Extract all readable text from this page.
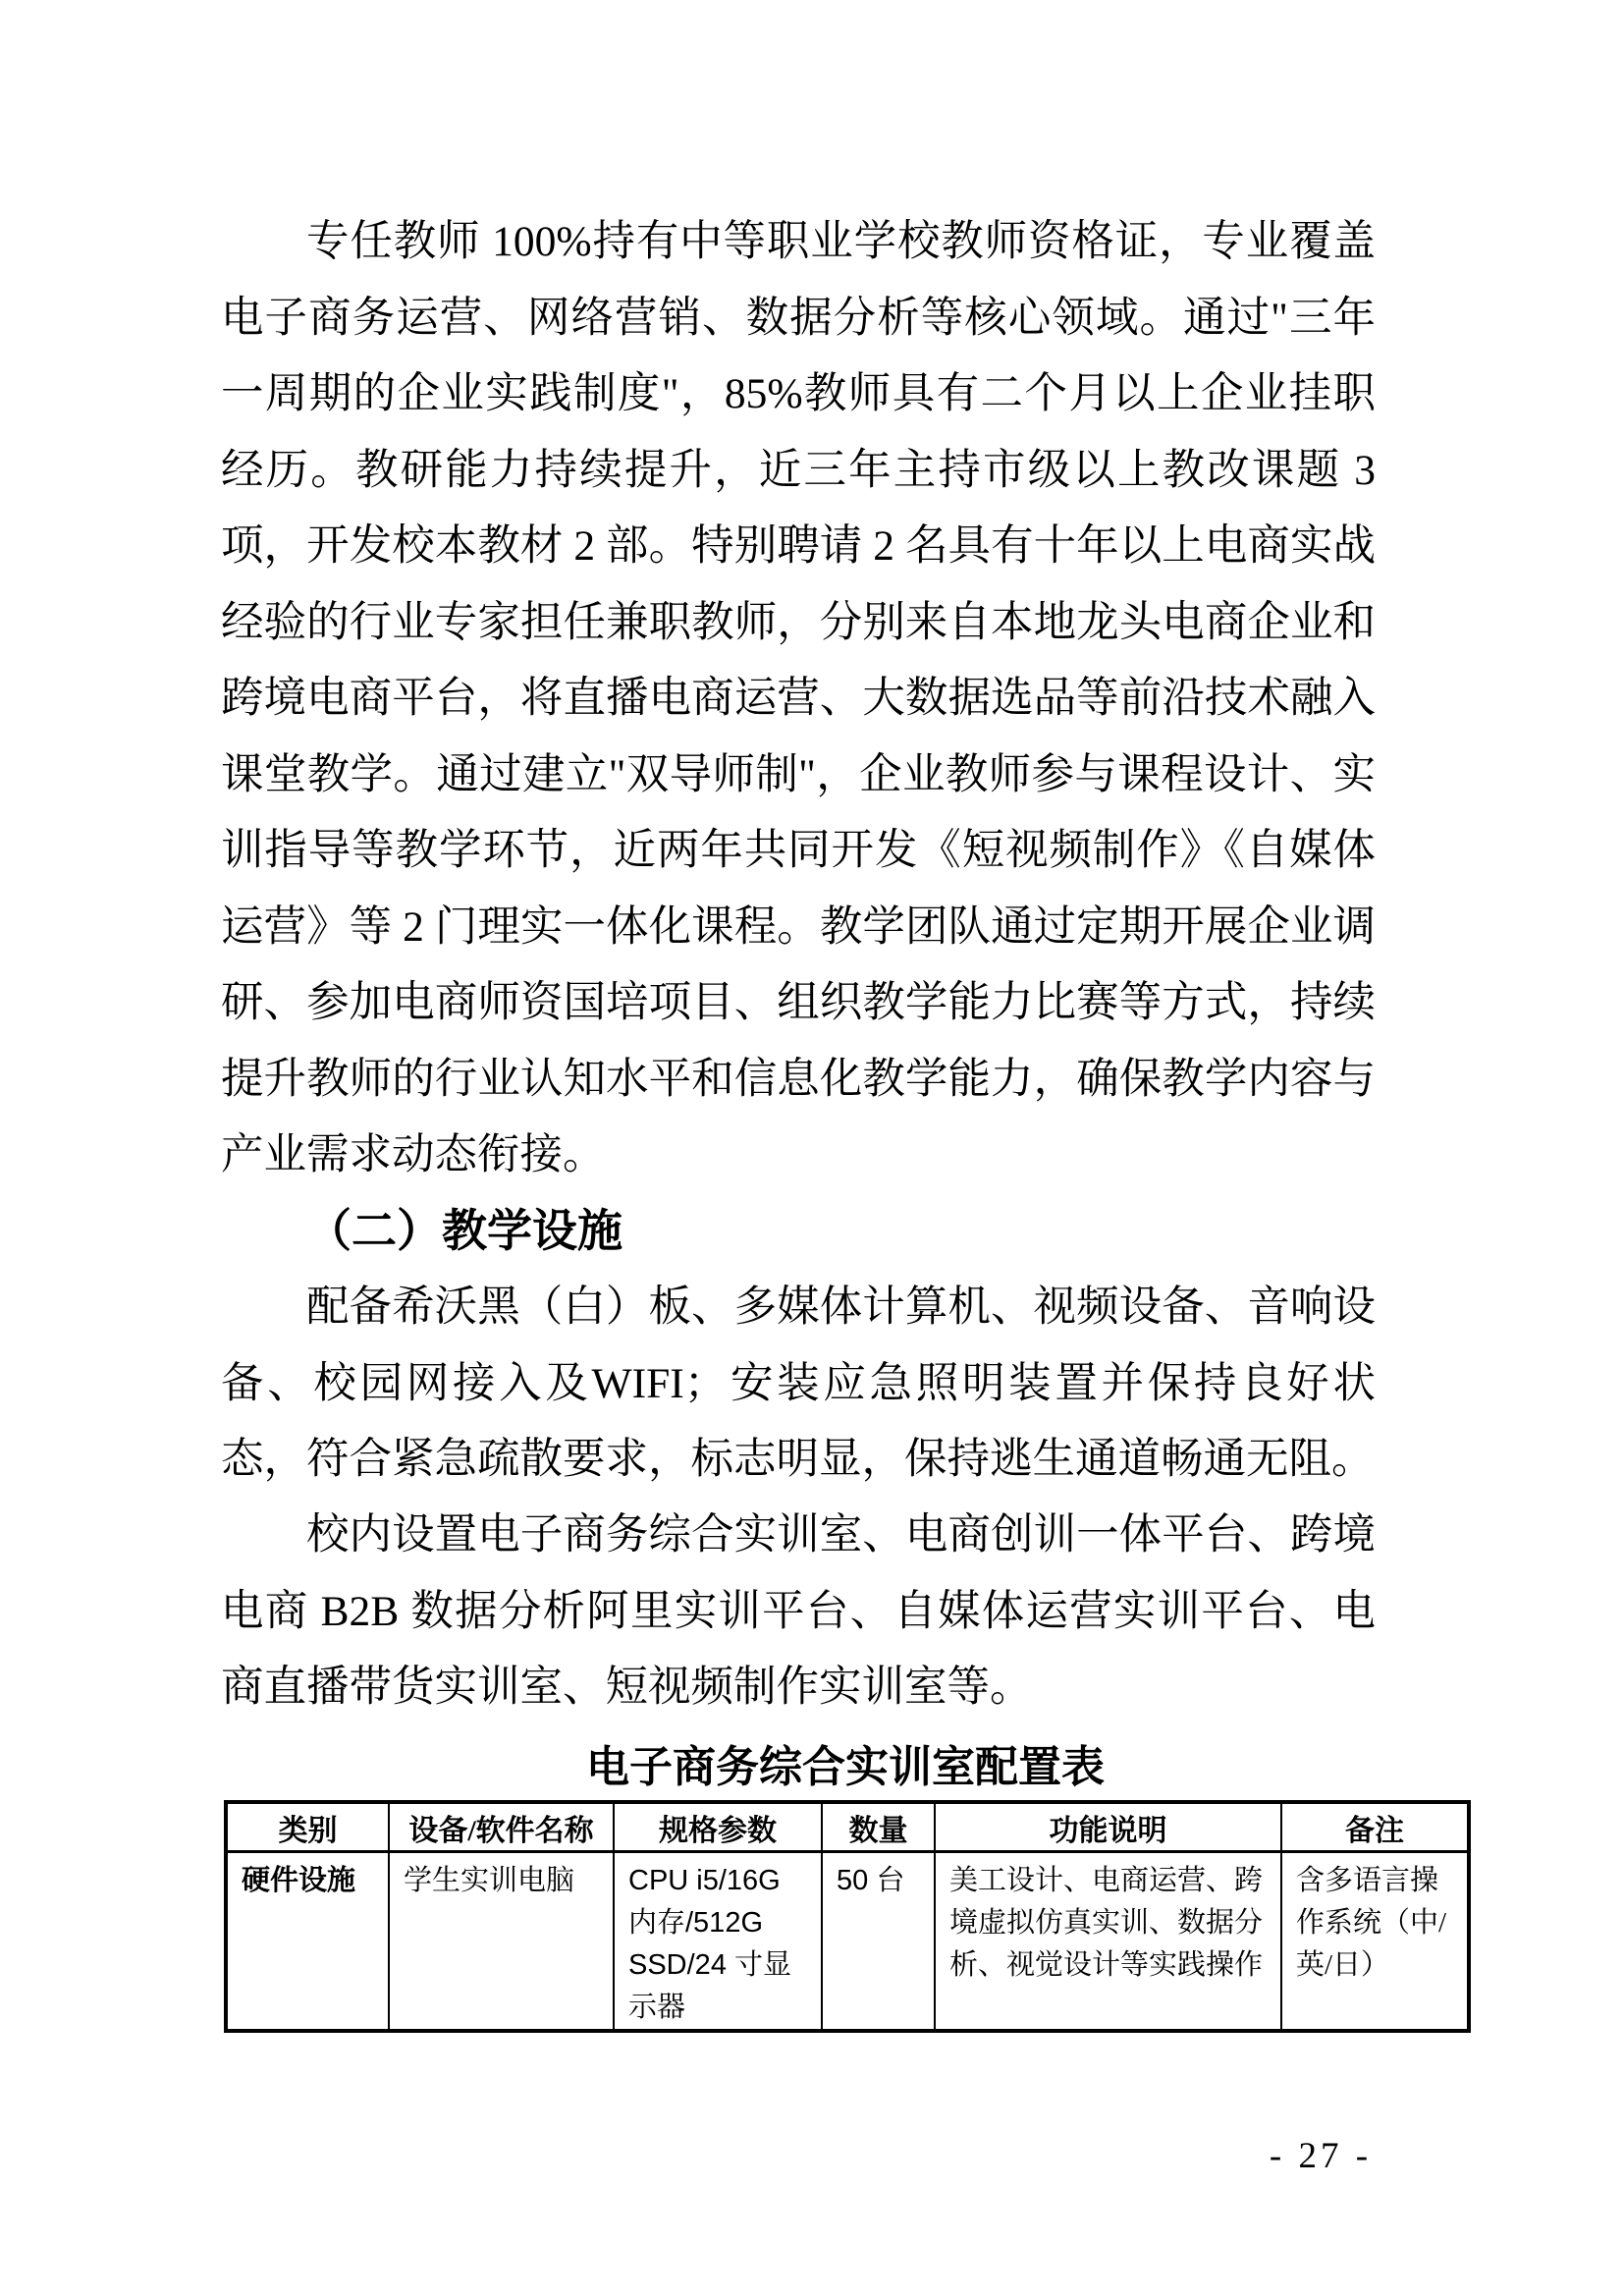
专任教师 100%持有中等职业学校教师资格证，专业覆盖电子商务运营、网络营销、数据分析等核心领域。通过"三年一周期的企业实践制度"，85%教师具有二个月以上企业挂职经历。教研能力持续提升，近三年主持市级以上教改课题 3 项，开发校本教材 2 部。特别聘请 2 名具有十年以上电商实战经验的行业专家担任兼职教师，分别来自本地龙头电商企业和跨境电商平台，将直播电商运营、大数据选品等前沿技术融入课堂教学。通过建立"双导师制"，企业教师参与课程设计、实训指导等教学环节，近两年共同开发《短视频制作》《自媒体运营》等 2 门理实一体化课程。教学团队通过定期开展企业调研、参加电商师资国培项目、组织教学能力比赛等方式，持续提升教师的行业认知水平和信息化教学能力，确保教学内容与产业需求动态衔接。

（二）教学设施

配备希沃黑（白）板、多媒体计算机、视频设备、音响设备、校园网接入及WIFI；安装应急照明装置并保持良好状态，符合紧急疏散要求，标志明显，保持逃生通道畅通无阻。

校内设置电子商务综合实训室、电商创训一体平台、跨境电商 B2B 数据分析阿里实训平台、自媒体运营实训平台、电商直播带货实训室、短视频制作实训室等。

电子商务综合实训室配置表
类别	设备/软件名称	规格参数	数量	功能说明	备注
硬件设施	学生实训电脑	CPU i5/16G 内存/512G SSD/24 寸显示器	50 台	美工设计、电商运营、跨境虚拟仿真实训、数据分析、视觉设计等实践操作	含多语言操作系统（中/英/日）
- 27 -
